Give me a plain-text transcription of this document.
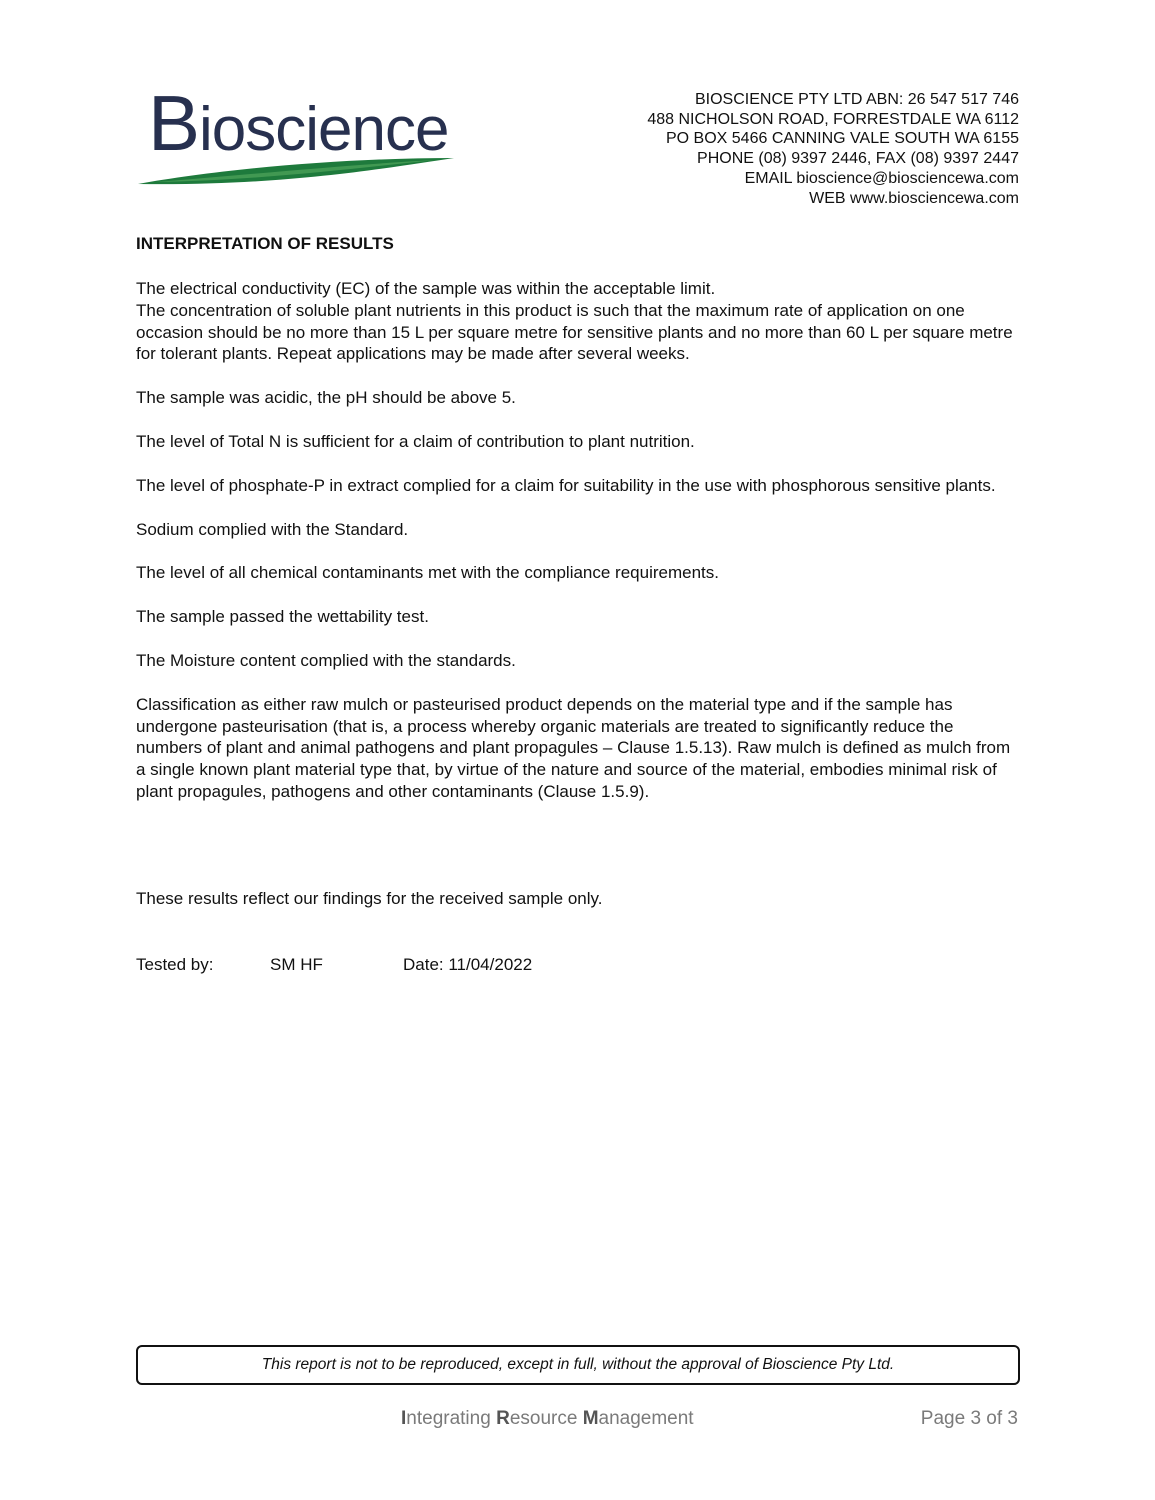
Bioscience	BIOSCIENCE PTY LTD ABN: 26 547 517 746
488 NICHOLSON ROAD, FORRESTDALE WA 6112
PO BOX 5466 CANNING VALE SOUTH WA 6155
PHONE (08) 9397 2446, FAX (08) 9397 2447
EMAIL bioscience@biosciencewa.com
WEB www.biosciencewa.com
INTERPRETATION OF RESULTS

The electrical conductivity (EC) of the sample was within the acceptable limit.

The concentration of soluble plant nutrients in this product is such that the maximum rate of application on one occasion should be no more than 15 L per square metre for sensitive plants and no more than 60 L per square metre for tolerant plants. Repeat applications may be made after several weeks.

The sample was acidic, the pH should be above 5.

The level of Total N is sufficient for a claim of contribution to plant nutrition.

The level of phosphate-P in extract complied for a claim for suitability in the use with phosphorous sensitive plants.

Sodium complied with the Standard.

The level of all chemical contaminants met with the compliance requirements.

The sample passed the wettability test.

The Moisture content complied with the standards.

Classification as either raw mulch or pasteurised product depends on the material type and if the sample has undergone pasteurisation (that is, a process whereby organic materials are treated to significantly reduce the numbers of plant and animal pathogens and plant propagules – Clause 1.5.13). Raw mulch is defined as mulch from a single known plant material type that, by virtue of the nature and source of the material, embodies minimal risk of plant propagules, pathogens and other contaminants (Clause 1.5.9).

These results reflect our findings for the received sample only.
Tested by:	SM HF	Date: 11/04/2022
This report is not to be reproduced, except in full, without the approval of Bioscience Pty Ltd.
Integrating Resource Management	Page 3 of 3
